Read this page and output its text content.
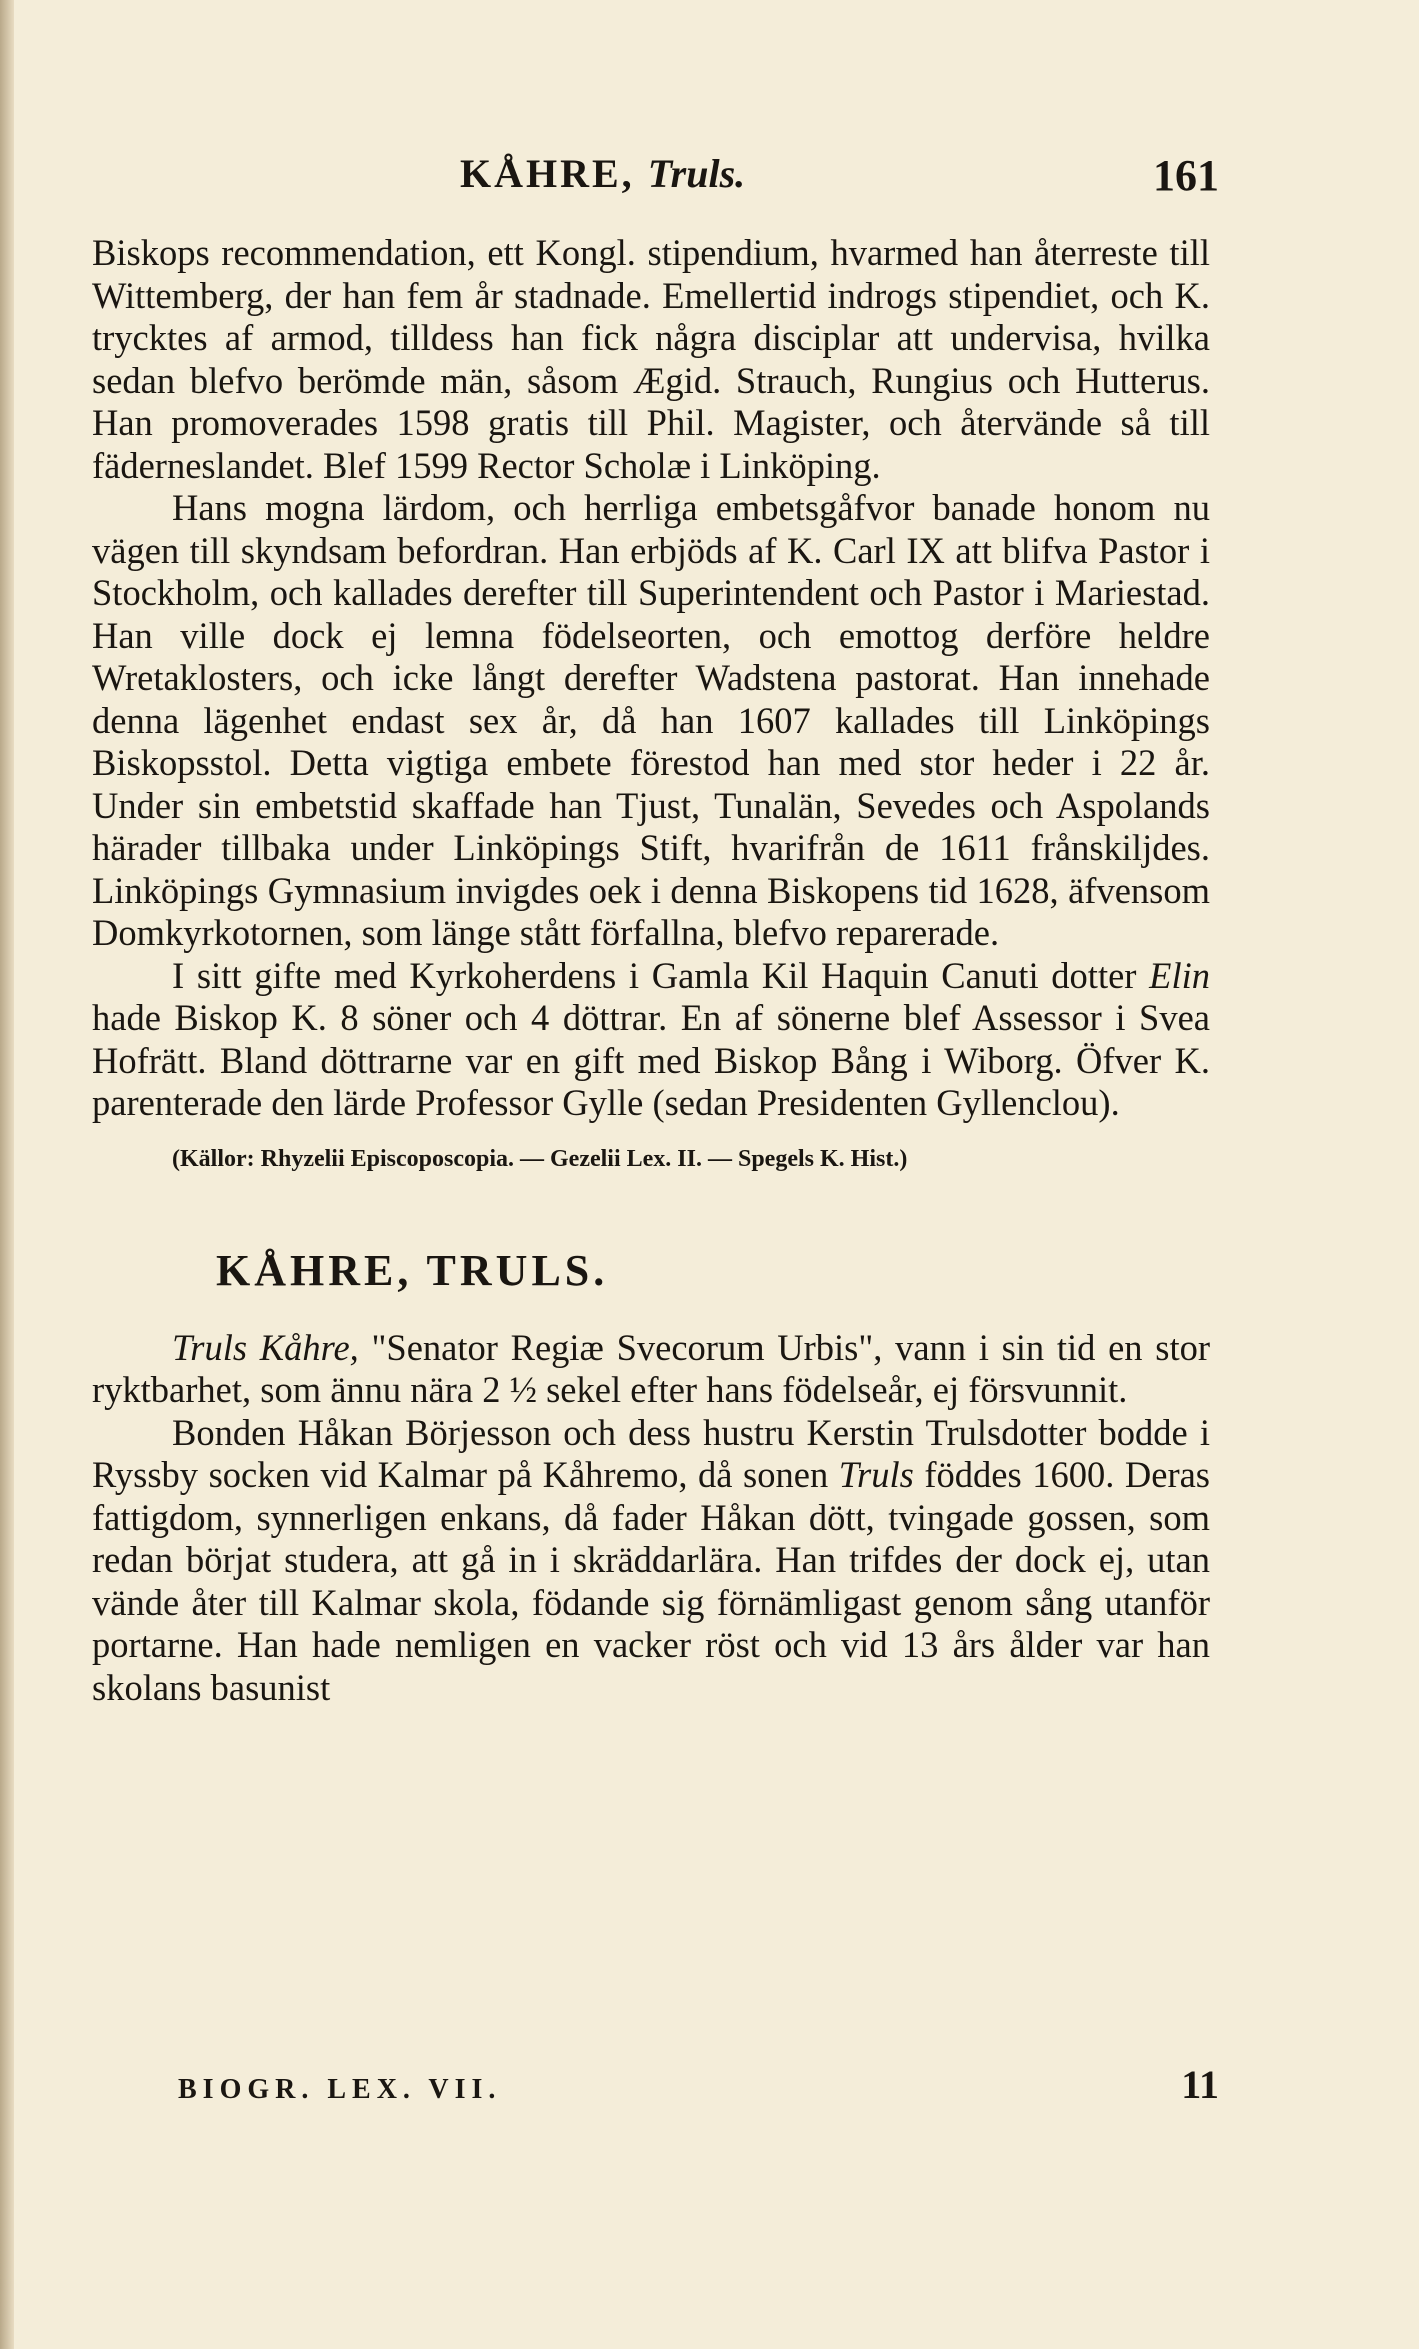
KÅHRE, Truls.	161

Biskops recommendation, ett Kongl. stipendium, hvarmed han återreste till Wittemberg, der han fem år stadnade. Emellertid indrogs stipendiet, och K. trycktes af armod, tilldess han fick några disciplar att undervisa, hvilka sedan blefvo berömde män, såsom Ægid. Strauch, Rungius och Hutterus. Han promoverades 1598 gratis till Phil. Magister, och återvände så till fäderneslandet. Blef 1599 Rector Scholæ i Linköping.

Hans mogna lärdom, och herrliga embetsgåfvor banade honom nu vägen till skyndsam befordran. Han erbjöds af K. Carl IX att blifva Pastor i Stockholm, och kallades derefter till Superintendent och Pastor i Mariestad. Han ville dock ej lemna födelseorten, och emottog derföre heldre Wretaklosters, och icke långt derefter Wadstena pastorat. Han innehade denna lägenhet endast sex år, då han 1607 kallades till Linköpings Biskopsstol. Detta vigtiga embete förestod han med stor heder i 22 år. Under sin embetstid skaffade han Tjust, Tunalän, Sevedes och Aspolands härader tillbaka under Linköpings Stift, hvarifrån de 1611 frånskiljdes. Linköpings Gymnasium invigdes oek i denna Biskopens tid 1628, äfvensom Domkyrkotornen, som länge stått förfallna, blefvo reparerade.

I sitt gifte med Kyrkoherdens i Gamla Kil Haquin Canuti dotter Elin hade Biskop K. 8 söner och 4 döttrar. En af sönerne blef Assessor i Svea Hofrätt. Bland döttrarne var en gift med Biskop Bång i Wiborg. Öfver K. parenterade den lärde Professor Gylle (sedan Presidenten Gyllenclou).

(Källor: Rhyzelii Episcoposcopia. — Gezelii Lex. II. — Spegels K. Hist.)

KÅHRE, TRULS.

Truls Kåhre, "Senator Regiæ Svecorum Urbis", vann i sin tid en stor ryktbarhet, som ännu nära 2 ½ sekel efter hans födelseår, ej försvunnit.

Bonden Håkan Börjesson och dess hustru Kerstin Trulsdotter bodde i Ryssby socken vid Kalmar på Kåhremo, då sonen Truls föddes 1600. Deras fattigdom, synnerligen enkans, då fader Håkan dött, tvingade gossen, som redan börjat studera, att gå in i skräddarlära. Han trifdes der dock ej, utan vände åter till Kalmar skola, födande sig förnämligast genom sång utanför portarne. Han hade nemligen en vacker röst och vid 13 års ålder var han skolans basunist

BIOGR. LEX. VII.	11
